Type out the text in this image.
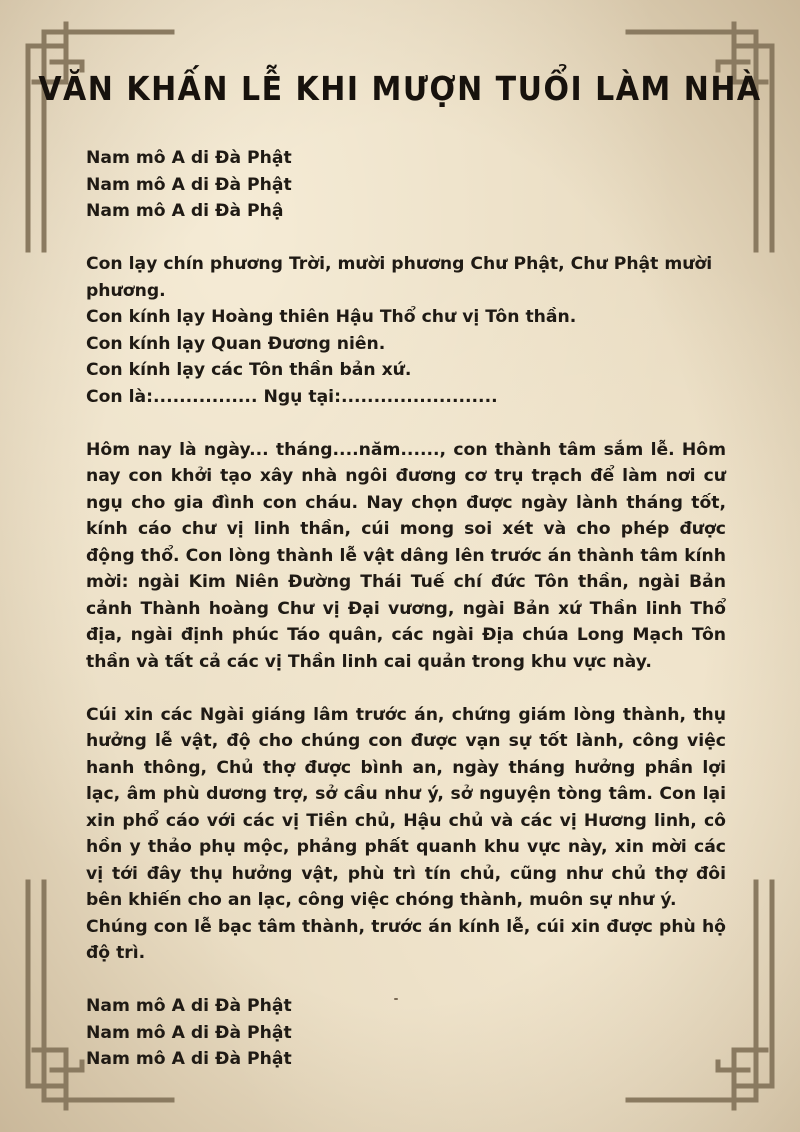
VĂN KHẤN LỄ KHI MƯỢN TUỔI LÀM NHÀ

Nam mô A di Đà Phật

Nam mô A di Đà Phật

Nam mô A di Đà Phậ

Con lạy chín phương Trời, mười phương Chư Phật, Chư Phật mười phương.

Con kính lạy Hoàng thiên Hậu Thổ chư vị Tôn thần.

Con kính lạy Quan Đương niên.

Con kính lạy các Tôn thần bản xứ.

Con là:................ Ngụ tại:........................

Hôm nay là ngày... tháng....năm......, con thành tâm sắm lễ. Hôm nay con khởi tạo xây nhà ngôi đương cơ trụ trạch để làm nơi cư ngụ cho gia đình con cháu. Nay chọn được ngày lành tháng tốt, kính cáo chư vị linh thần, cúi mong soi xét và cho phép được động thổ. Con lòng thành lễ vật dâng lên trước án thành tâm kính mời: ngài Kim Niên Đường Thái Tuế chí đức Tôn thần, ngài Bản cảnh Thành hoàng Chư vị Đại vương, ngài Bản xứ Thần linh Thổ địa, ngài định phúc Táo quân, các ngài Địa chúa Long Mạch Tôn thần và tất cả các vị Thần linh cai quản trong khu vực này.

Cúi xin các Ngài giáng lâm trước án, chứng giám lòng thành, thụ hưởng lễ vật, độ cho chúng con được vạn sự tốt lành, công việc hanh thông, Chủ thợ được bình an, ngày tháng hưởng phần lợi lạc, âm phù dương trợ, sở cầu như ý, sở nguyện tòng tâm. Con lại xin phổ cáo với các vị Tiền chủ, Hậu chủ và các vị Hương linh, cô hồn y thảo phụ mộc, phảng phất quanh khu vực này, xin mời các vị tới đây thụ hưởng vật, phù trì tín chủ, cũng như chủ thợ đôi bên khiến cho an lạc, công việc chóng thành, muôn sự như ý.

Chúng con lễ bạc tâm thành, trước án kính lễ, cúi xin được phù hộ độ trì.

Nam mô A di Đà Phật

Nam mô A di Đà Phật

Nam mô A di Đà Phật
